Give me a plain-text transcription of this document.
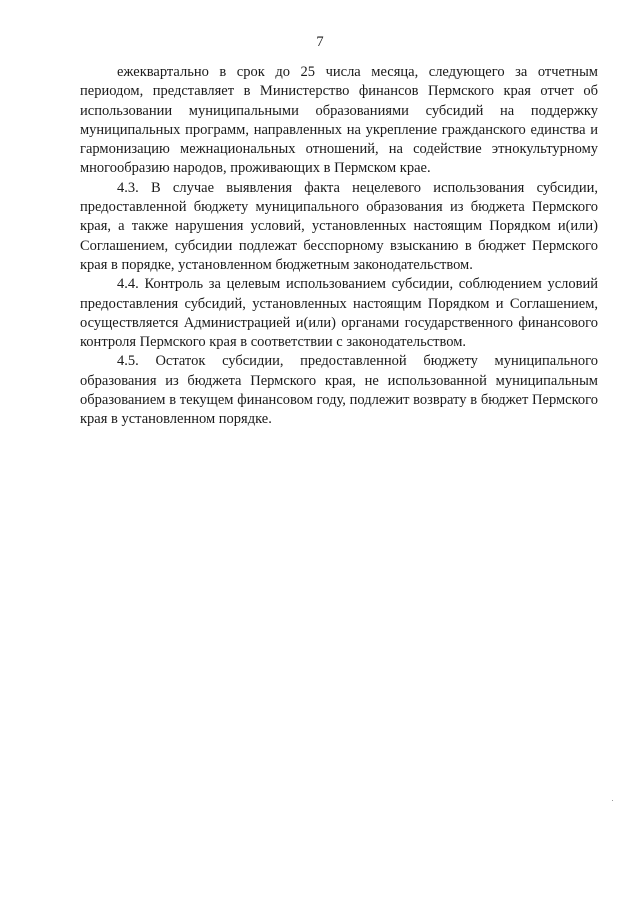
7

ежеквартально в срок до 25 числа месяца, следующего за отчетным периодом, представляет в Министерство финансов Пермского края отчет об использовании муниципальными образованиями субсидий на поддержку муниципальных программ, направленных на укрепление гражданского единства и гармонизацию межнациональных отношений, на содействие этнокультурному многообразию народов, проживающих в Пермском крае.

4.3. В случае выявления факта нецелевого использования субсидии, предоставленной бюджету муниципального образования из бюджета Пермского края, а также нарушения условий, установленных настоящим Порядком и(или) Соглашением, субсидии подлежат бесспорному взысканию в бюджет Пермского края в порядке, установленном бюджетным законодательством.

4.4. Контроль за целевым использованием субсидии, соблюдением условий предоставления субсидий, установленных настоящим Порядком и Соглашением, осуществляется Администрацией и(или) органами государственного финансового контроля Пермского края в соответствии с законодательством.

4.5. Остаток субсидии, предоставленной бюджету муниципального образования из бюджета Пермского края, не использованной муниципальным образованием в текущем финансовом году, подлежит возврату в бюджет Пермского края в установленном порядке.
